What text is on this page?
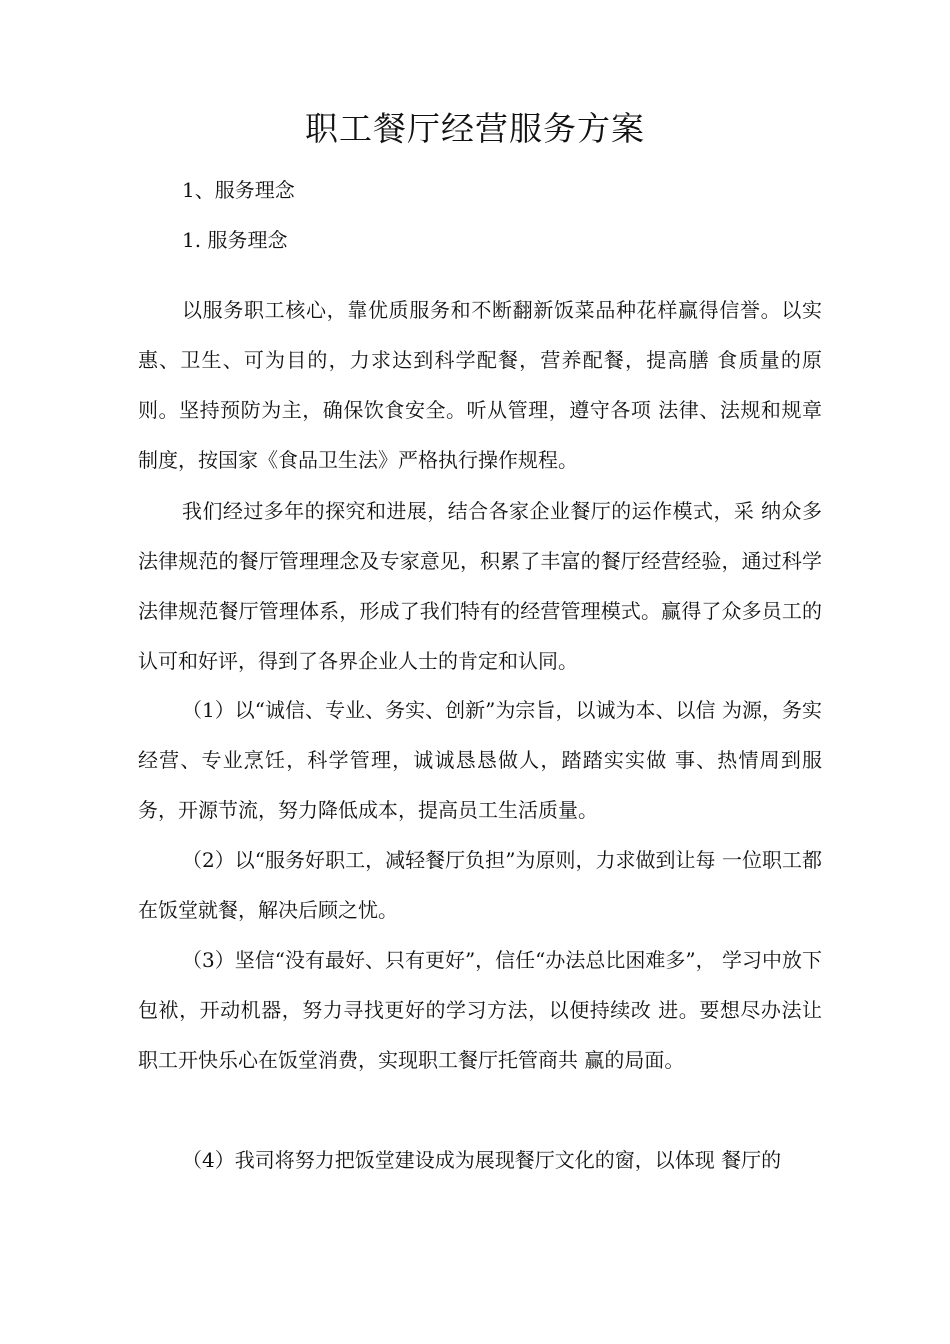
职工餐厅经营服务方案

1、服务理念

1. 服务理念

以服务职工核心，靠优质服务和不断翻新饭菜品种花样赢得信誉。以实惠、卫生、可为目的，力求达到科学配餐，营养配餐，提高膳 食质量的原则。坚持预防为主，确保饮食安全。听从管理，遵守各项 法律、法规和规章制度，按国家《食品卫生法》严格执行操作规程。

我们经过多年的探究和进展，结合各家企业餐厅的运作模式，采 纳众多法律规范的餐厅管理理念及专家意见，积累了丰富的餐厅经营经验，通过科学法律规范餐厅管理体系，形成了我们特有的经营管理模式。赢得了众多员工的认可和好评，得到了各界企业人士的肯定和认同。

（1）以“诚信、专业、务实、创新”为宗旨，以诚为本、以信 为源，务实经营、专业烹饪，科学管理，诚诚恳恳做人，踏踏实实做 事、热情周到服务，开源节流，努力降低成本，提高员工生活质量。

（2）以“服务好职工，减轻餐厅负担”为原则，力求做到让每 一位职工都在饭堂就餐，解决后顾之忧。

（3）坚信“没有最好、只有更好”，信任“办法总比困难多”， 学习中放下包袱，开动机器，努力寻找更好的学习方法，以便持续改 进。要想尽办法让职工开快乐心在饭堂消费，实现职工餐厅托管商共 赢的局面。

（4）我司将努力把饭堂建设成为展现餐厅文化的窗，以体现 餐厅的
